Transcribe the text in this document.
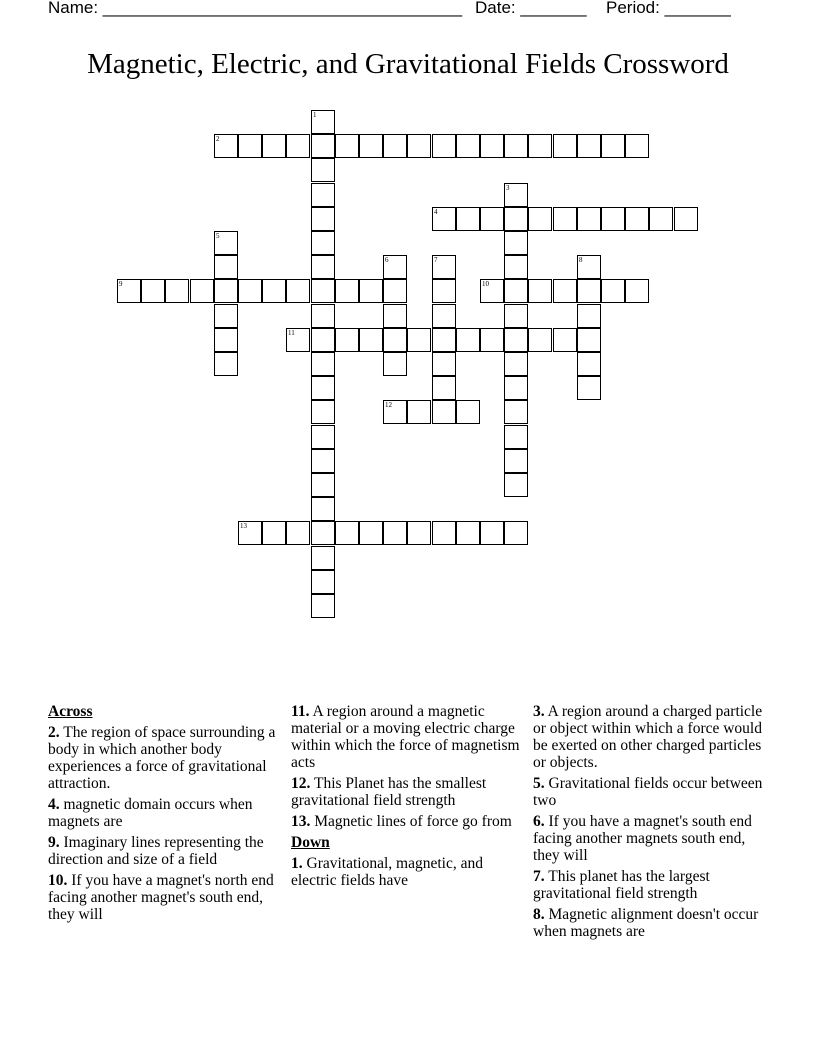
Name: ______________________________________ Date: _______ Period: _______
Magnetic, Electric, and Gravitational Fields Crossword
1
2
3
4
5
6	7	8
9	10
11
12
13
Across
2. The region of space surrounding a body in which another body experiences a force of gravitational attraction.
4. magnetic domain occurs when magnets are
9. Imaginary lines representing the direction and size of a field
10. If you have a magnet's north end facing another magnet's south end, they will
11. A region around a magnetic material or a moving electric charge within which the force of magnetism acts
12. This Planet has the smallest gravitational field strength
13. Magnetic lines of force go from
Down
1. Gravitational, magnetic, and electric fields have
3. A region around a charged particle or object within which a force would be exerted on other charged particles or objects.
5. Gravitational fields occur between two
6. If you have a magnet's south end facing another magnets south end, they will
7. This planet has the largest gravitational field strength
8. Magnetic alignment doesn't occur when magnets are
